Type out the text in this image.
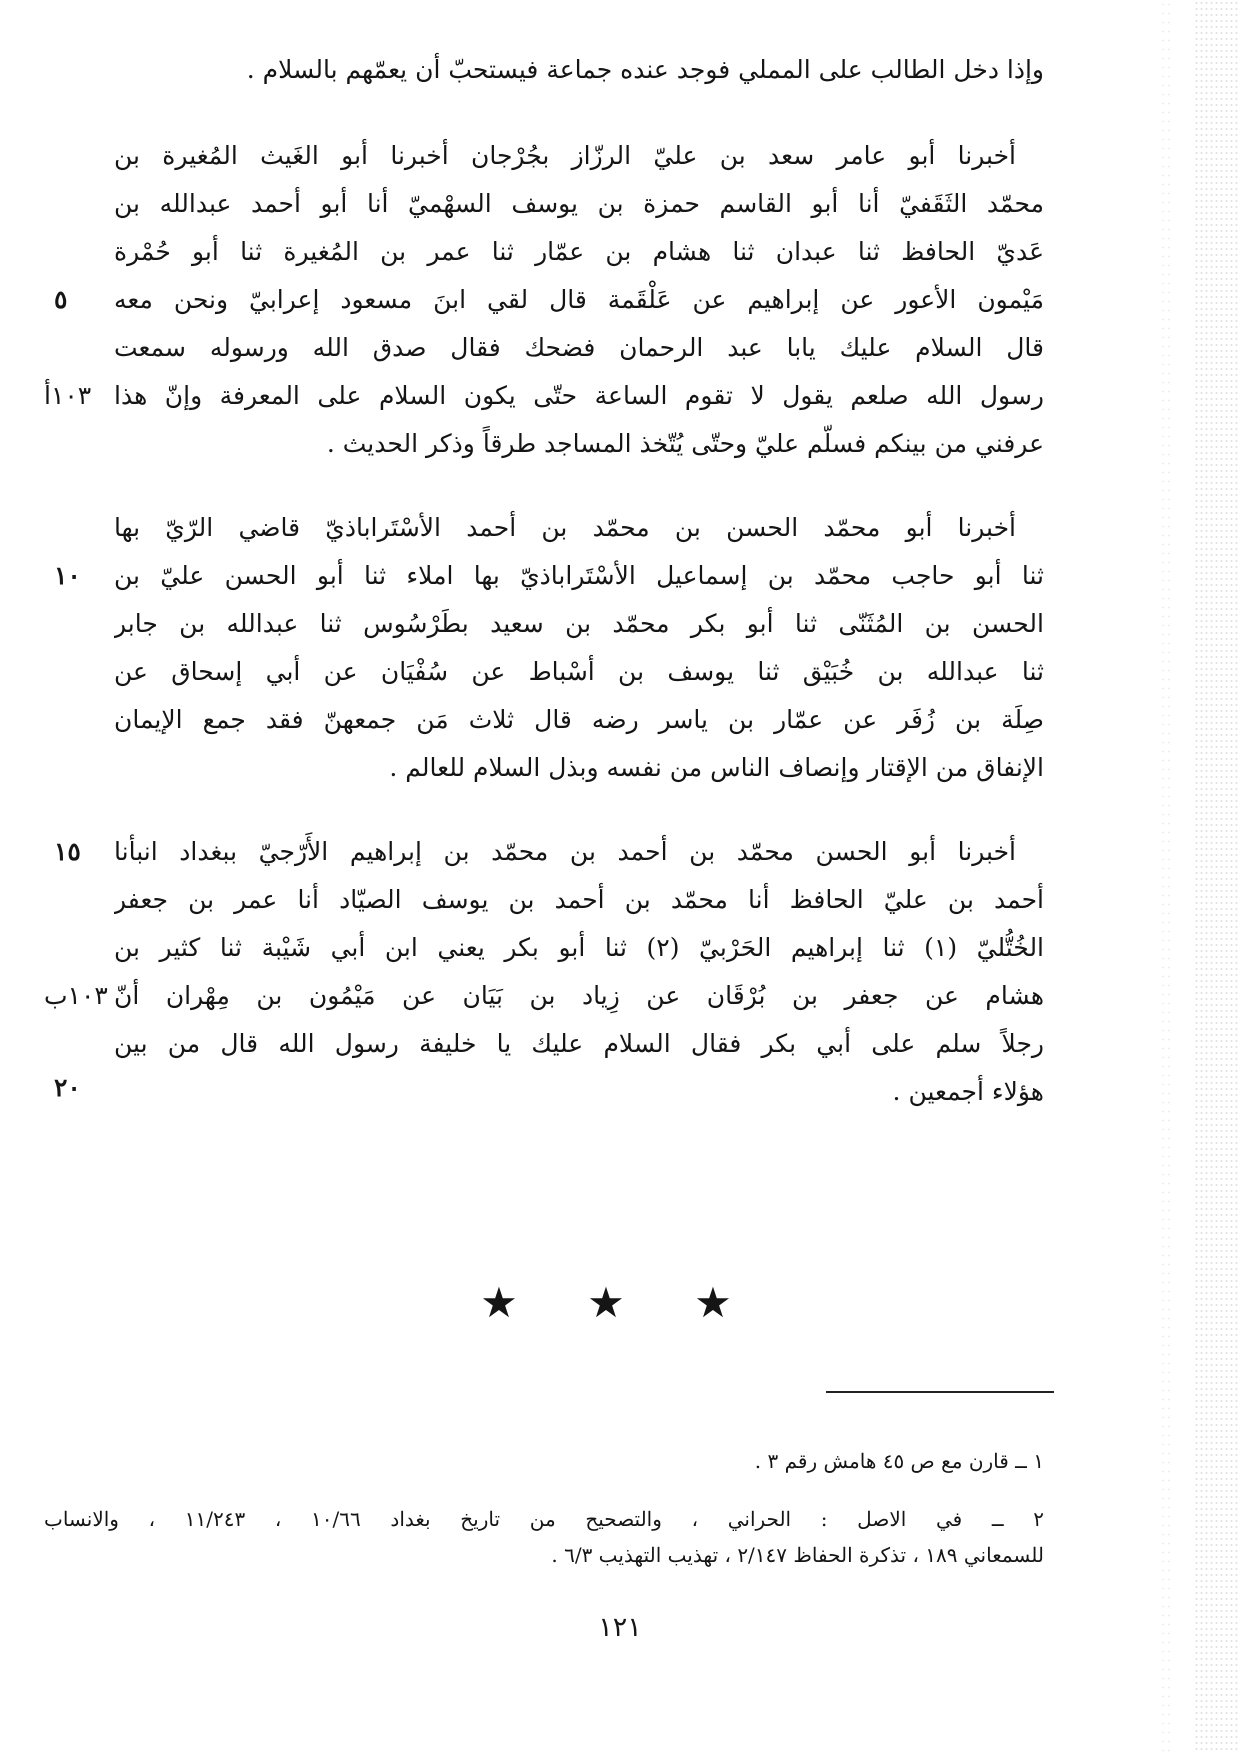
وإذا دخل الطالب على المملي فوجد عنده جماعة فيستحبّ أن يعمّهم بالسلام .
أخبرنا أبو عامر سعد بن عليّ الرزّاز بجُرْجان أخبرنا أبو الغَيث المُغيرة بن
محمّد الثَقَفيّ أنا أبو القاسم حمزة بن يوسف السهْميّ أنا أبو أحمد عبدالله بن
عَديّ الحافظ ثنا عبدان ثنا هشام بن عمّار ثنا عمر بن المُغيرة ثنا أبو حُمْرة
مَيْمون الأعور عن إبراهيم عن عَلْقَمة قال لقي ابنَ مسعود إعرابيّ ونحن معه
قال السلام عليك يابا عبد الرحمان فضحك فقال صدق الله ورسوله سمعت
رسول الله صلعم يقول لا تقوم الساعة حتّى يكون السلام على المعرفة وإنّ هذا
عرفني من بينكم فسلّم عليّ وحتّى يُتّخذ المساجد طرقاً وذكر الحديث .
أخبرنا أبو محمّد الحسن بن محمّد بن أحمد الأسْتَراباذيّ قاضي الرّيّ بها
ثنا أبو حاجب محمّد بن إسماعيل الأسْتَراباذيّ بها املاء ثنا أبو الحسن عليّ بن
الحسن بن المُثَنّى ثنا أبو بكر محمّد بن سعيد بطَرْسُوس ثنا عبدالله بن جابر
ثنا عبدالله بن خُبَيْق ثنا يوسف بن أسْباط عن سُفْيَان عن أبي إسحاق عن
صِلَة بن زُفَر عن عمّار بن ياسر رضه قال ثلاث مَن جمعهنّ فقد جمع الإيمان
الإنفاق من الإقتار وإنصاف الناس من نفسه وبذل السلام للعالم .
أخبرنا أبو الحسن محمّد بن أحمد بن محمّد بن إبراهيم الأَرّجيّ ببغداد انبأنا
أحمد بن عليّ الحافظ أنا محمّد بن أحمد بن يوسف الصيّاد أنا عمر بن جعفر
الخُتُّليّ (١) ثنا إبراهيم الحَرْبيّ (٢) ثنا أبو بكر يعني ابن أبي شَيْبة ثنا كثير بن
هشام عن جعفر بن بُرْقَان عن زِياد بن بَيَان عن مَيْمُون بن مِهْران أنّ
رجلاً سلم على أبي بكر فقال السلام عليك يا خليفة رسول الله قال من بين
هؤلاء أجمعين .
٥
١٠
١٥
٢٠
١٠٣أ
١٠٣ب
★ ★ ★
١ ــ قارن مع ص ٤٥ هامش رقم ٣ .
٢ ــ في الاصل : الحراني ، والتصحيح من تاريخ بغداد ١٠/٦٦ ، ١١/٢٤٣ ، والانساب
للسمعاني ١٨٩ ، تذكرة الحفاظ ٢/١٤٧ ، تهذيب التهذيب ٦/٣ .
١٢١
